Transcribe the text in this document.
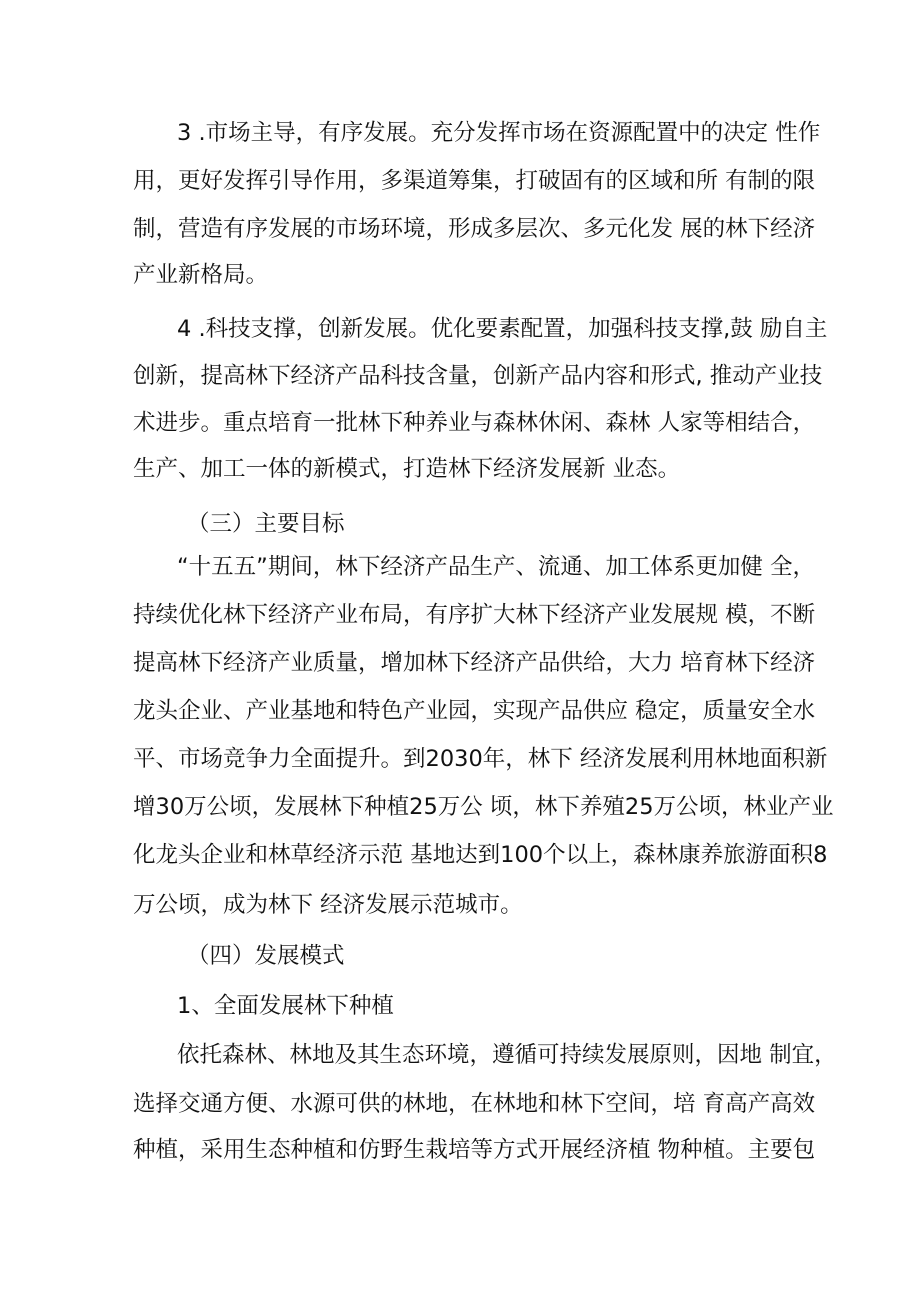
3 .市场主导，有序发展。充分发挥市场在资源配置中的决定 性作
用，更好发挥引导作用，多渠道筹集，打破固有的区域和所 有制的限
制，营造有序发展的市场环境，形成多层次、多元化发 展的林下经济
产业新格局。
4 .科技支撑，创新发展。优化要素配置，加强科技支撑,鼓 励自主
创新，提高林下经济产品科技含量，创新产品内容和形式, 推动产业技
术进步。重点培育一批林下种养业与森林休闲、森林 人家等相结合，
生产、加工一体的新模式，打造林下经济发展新 业态。
（三）主要目标
“十五五”期间，林下经济产品生产、流通、加工体系更加健 全，
持续优化林下经济产业布局，有序扩大林下经济产业发展规 模，不断
提高林下经济产业质量，增加林下经济产品供给，大力 培育林下经济
龙头企业、产业基地和特色产业园，实现产品供应 稳定，质量安全水
平、市场竞争力全面提升。到2030年，林下 经济发展利用林地面积新
增30万公顷，发展林下种植25万公 顷，林下养殖25万公顷，林业产业
化龙头企业和林草经济示范 基地达到100个以上，森林康养旅游面积8
万公顷，成为林下 经济发展示范城市。
（四）发展模式
1、全面发展林下种植
依托森林、林地及其生态环境，遵循可持续发展原则，因地 制宜，
选择交通方便、水源可供的林地，在林地和林下空间，培 育高产高效
种植，采用生态种植和仿野生栽培等方式开展经济植 物种植。主要包
